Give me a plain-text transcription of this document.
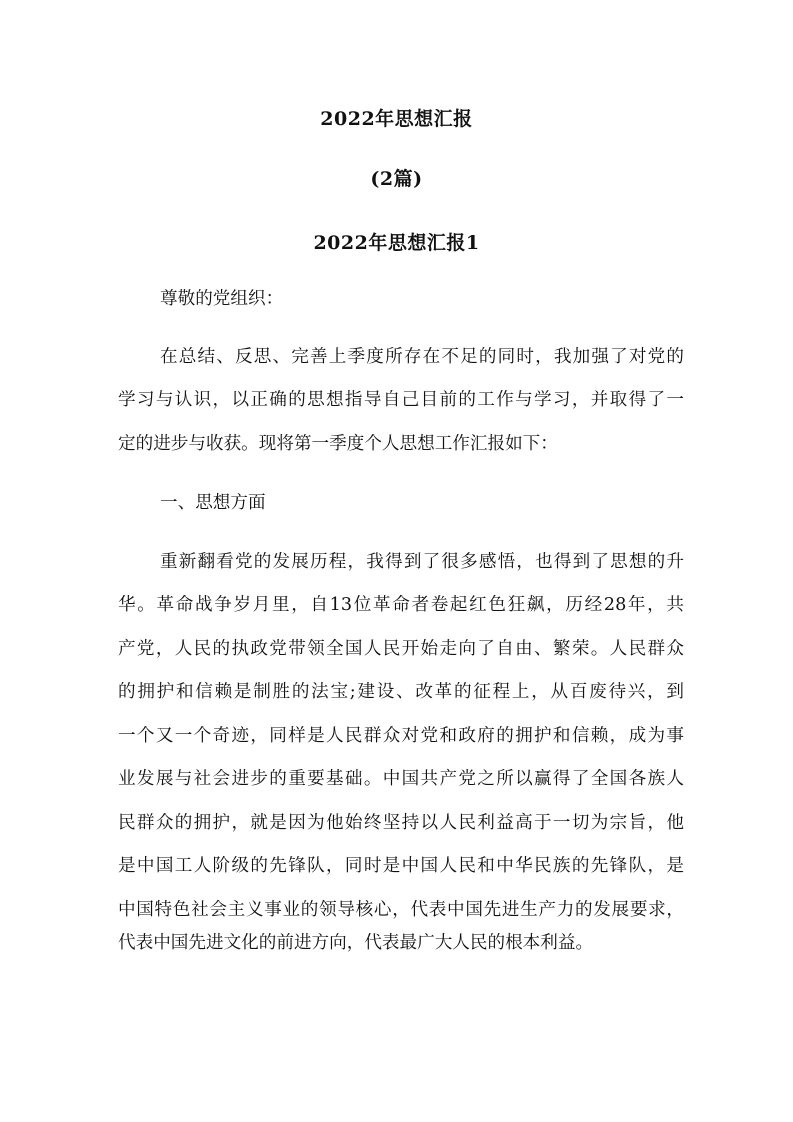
2022年思想汇报
(2篇)
2022年思想汇报1
尊敬的党组织：
在总结、反思、完善上季度所存在不足的同时，我加强了对党的
学习与认识，以正确的思想指导自己目前的工作与学习，并取得了一
定的进步与收获。现将第一季度个人思想工作汇报如下：
一、思想方面
重新翻看党的发展历程，我得到了很多感悟，也得到了思想的升
华。革命战争岁月里，自13位革命者卷起红色狂飙，历经28年，共
产党，人民的执政党带领全国人民开始走向了自由、繁荣。人民群众
的拥护和信赖是制胜的法宝;建设、改革的征程上，从百废待兴，到
一个又一个奇迹，同样是人民群众对党和政府的拥护和信赖，成为事
业发展与社会进步的重要基础。中国共产党之所以赢得了全国各族人
民群众的拥护，就是因为他始终坚持以人民利益高于一切为宗旨，他
是中国工人阶级的先锋队，同时是中国人民和中华民族的先锋队，是
中国特色社会主义事业的领导核心，代表中国先进生产力的发展要求，
代表中国先进文化的前进方向，代表最广大人民的根本利益。
